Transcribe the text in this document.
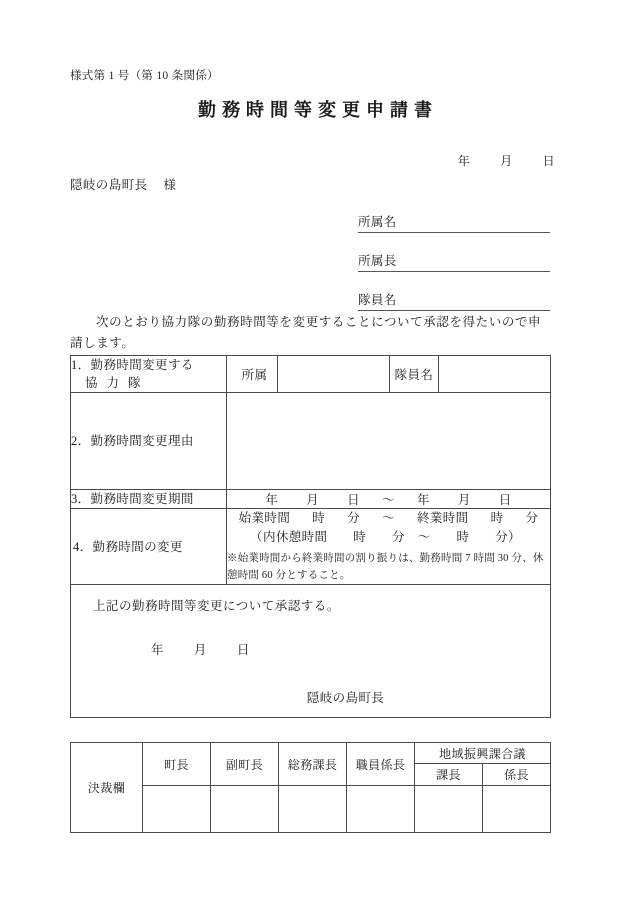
様式第 1 号（第 10 条関係）
勤務時間等変更申請書
年	月	日
隠岐の島町長 様
所属名
所属長
隊員名
次のとおり協力隊の勤務時間等を変更することについて承認を得たいので申請します。
1．勤務時間変更する
協力隊	所属		隊員名	
2．勤務時間変更理由				
3．勤務時間変更期間	年 月 日 ～ 年 月 日			
4．勤務時間の変更	始業時間 時 分 ～ 終業時間 時 分
（内休憩時間　　時　　分　～　　時　　分）
※始業時間から終業時間の割り振りは、勤務時間 7 時間 30 分、休憩時間 60 分とすること。			

上記の勤務時間等変更について承認する。
年 月 日
隠岐の島町長				
決裁欄	町長	副町長	総務課長	職員係長	地域振興課合議	
					課長	係長
